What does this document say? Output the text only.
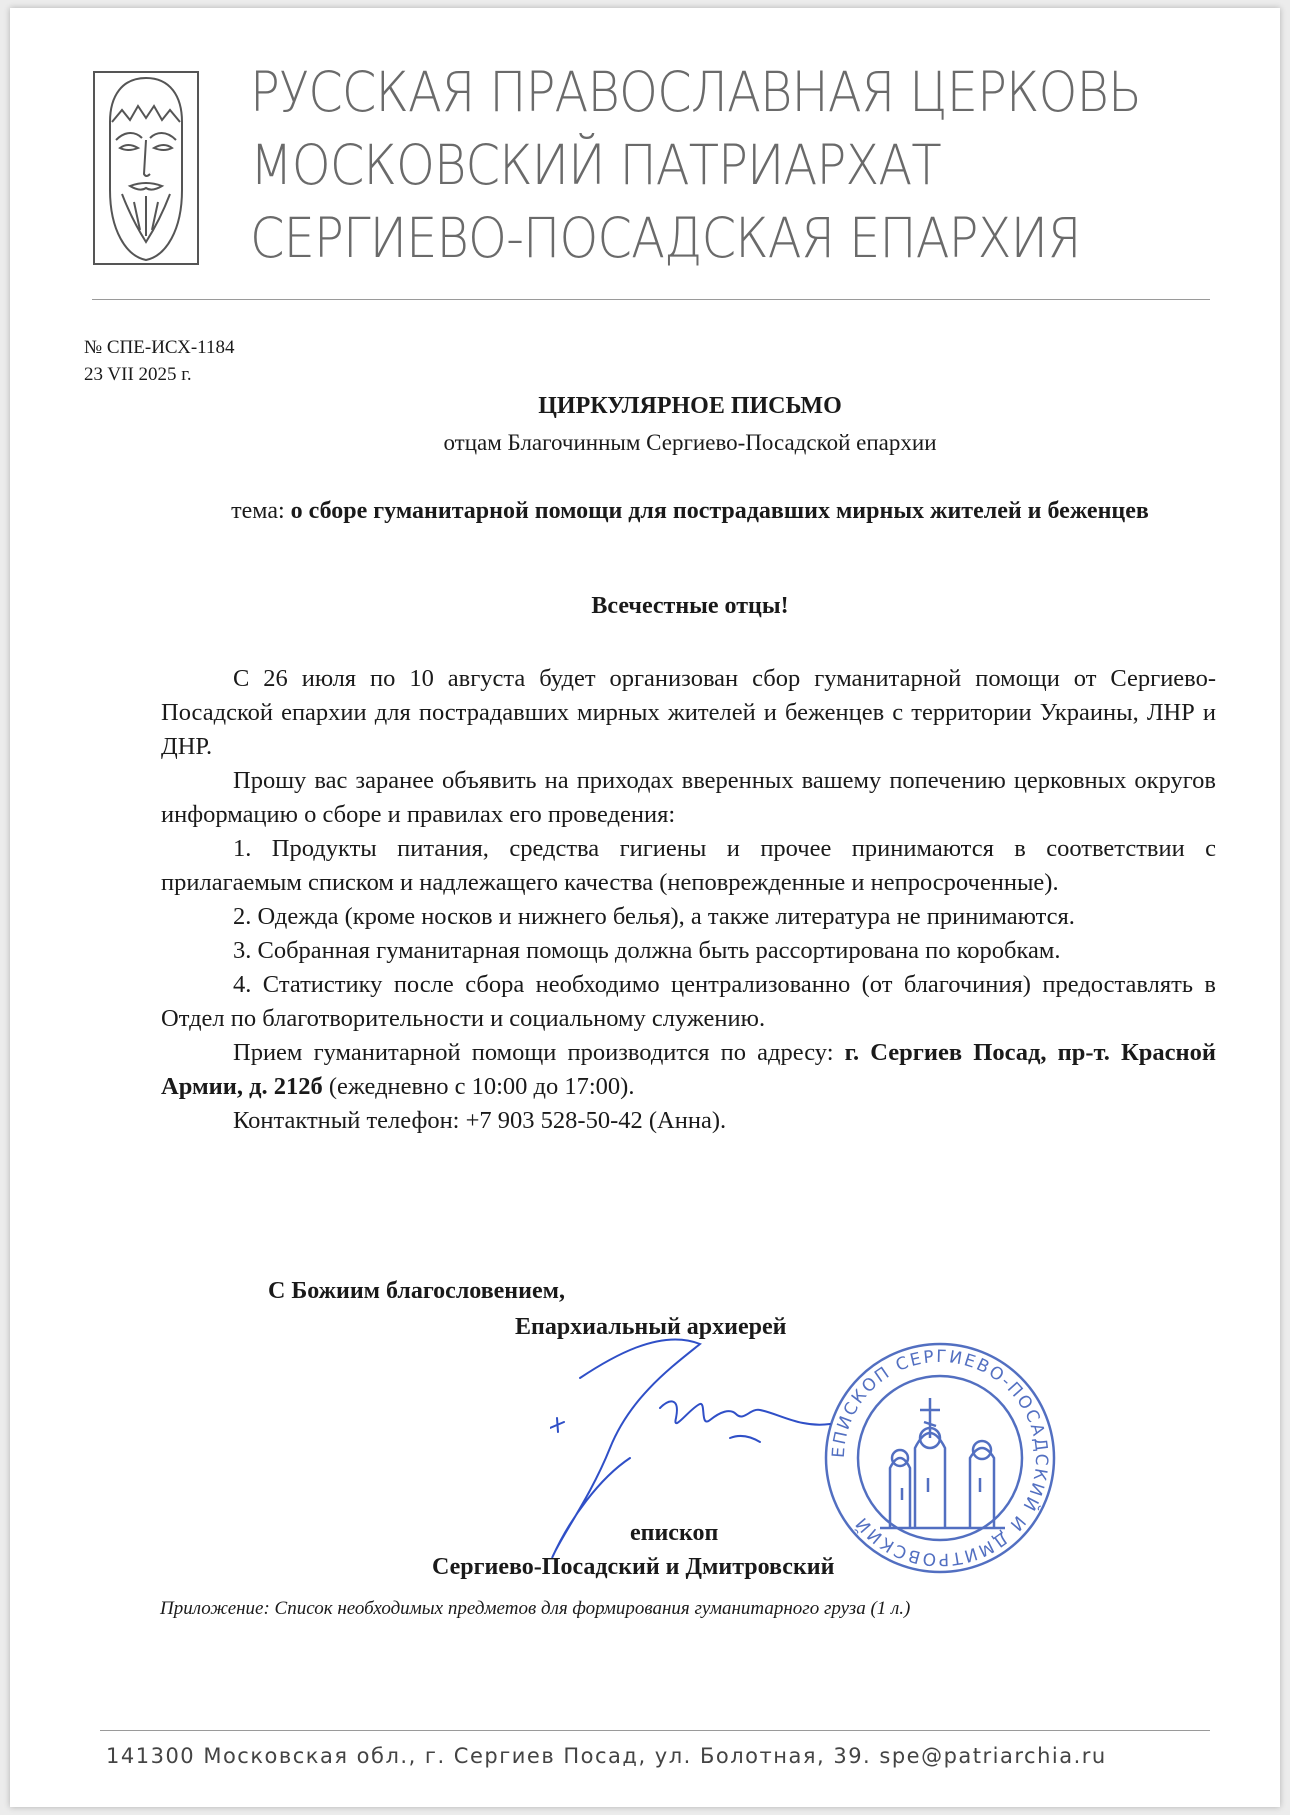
РУССКАЯ ПРАВОСЛАВНАЯ ЦЕРКОВЬ
МОСКОВСКИЙ ПАТРИАРХАТ
СЕРГИЕВО-ПОСАДСКАЯ ЕПАРХИЯ
№ СПЕ-ИСХ-1184
23 VII 2025 г.
ЦИРКУЛЯРНОЕ ПИСЬМО
отцам Благочинным Сергиево-Посадской епархии
тема: о сборе гуманитарной помощи для пострадавших мирных жителей и беженцев
Всечестные отцы!

С 26 июля по 10 августа будет организован сбор гуманитарной помощи от Сергиево-Посадской епархии для пострадавших мирных жителей и беженцев с территории Украины, ЛНР и ДНР.

Прошу вас заранее объявить на приходах вверенных вашему попечению церковных округов информацию о сборе и правилах его проведения:

1. Продукты питания, средства гигиены и прочее принимаются в соответствии с прилагаемым списком и надлежащего качества (неповрежденные и непросроченные).

2. Одежда (кроме носков и нижнего белья), а также литература не принимаются.

3. Собранная гуманитарная помощь должна быть рассортирована по коробкам.

4. Статистику после сбора необходимо централизованно (от благочиния) предоставлять в Отдел по благотворительности и социальному служению.

Прием гуманитарной помощи производится по адресу: г. Сергиев Посад, пр-т. Красной Армии, д. 212б (ежедневно с 10:00 до 17:00).

Контактный телефон: +7 903 528-50-42 (Анна).

С Божиим благословением,
Епархиальный архиерей
ЕПИСКОП СЕРГИЕВО-ПОСАДСКИЙ И ДМИТРОВСКИЙ
епископ
Сергиево-Посадский и Дмитровский
Приложение: Список необходимых предметов для формирования гуманитарного груза (1 л.)
141300 Московская обл., г. Сергиев Посад, ул. Болотная, 39. spe@patriarchia.ru
